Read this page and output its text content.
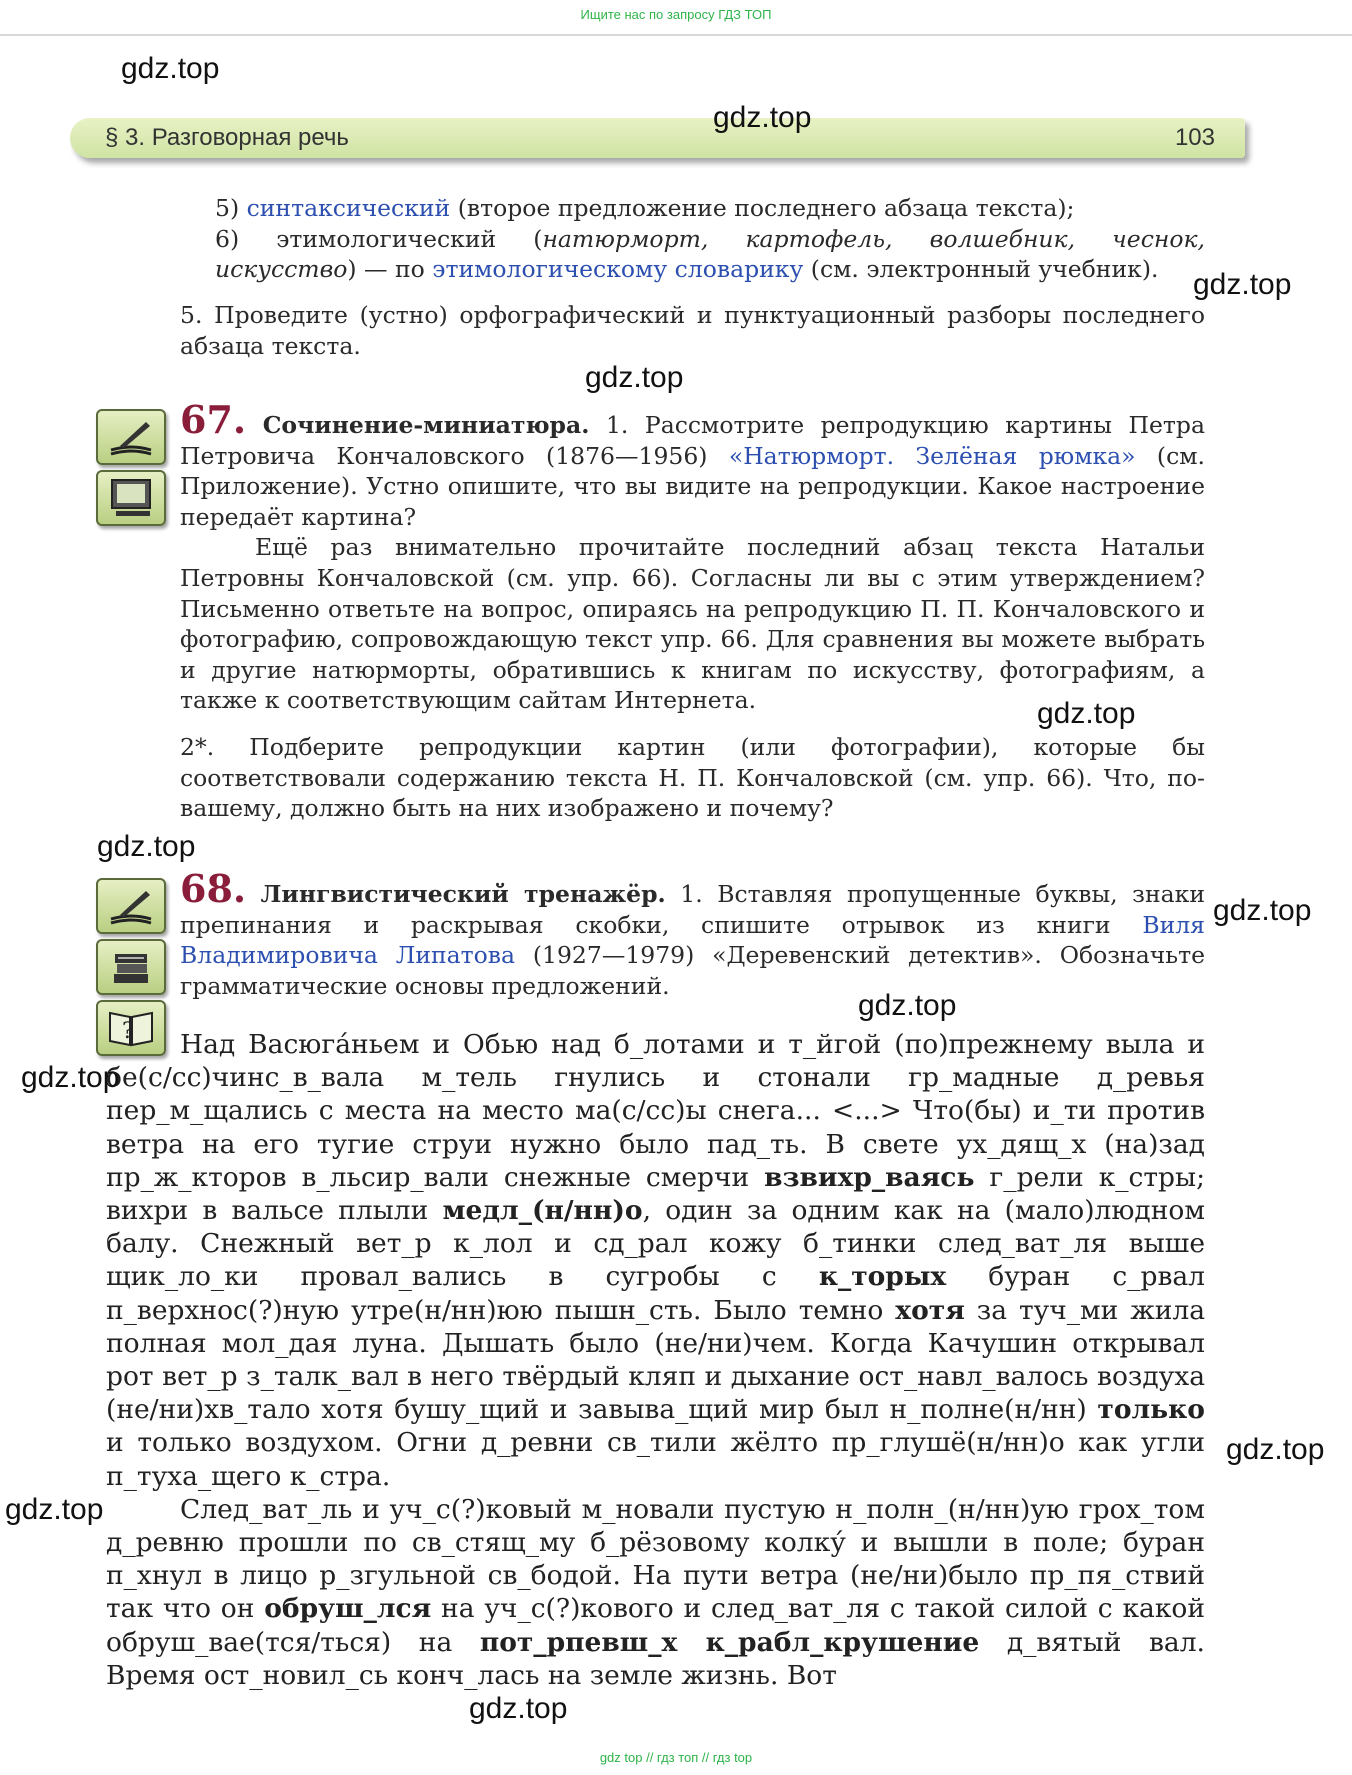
Ищите нас по запросу ГДЗ ТОП
gdz.top
gdz.top
gdz.top
gdz.top
gdz.top
gdz.top
gdz.top
gdz.top
gdz.top
gdz.top
gdz.top
gdz.top
§ 3. Разговорная речь	103
5) синтаксический (второе предложение последнего абзаца текста);
6) этимологический (натюрморт, картофель, волшебник, чеснок, искусство) — по этимологическому словарику (см. электронный учебник).
5. Проведите (устно) орфографический и пунктуационный разборы последнего абзаца текста.
67. Сочинение-миниатюра. 1. Рассмотрите репродукцию картины Петра Петровича Кончаловского (1876—1956) «Натюрморт. Зелёная рюмка» (см. Приложение). Устно опишите, что вы видите на репродукции. Какое настроение передаёт картина?
Ещё раз внимательно прочитайте последний абзац текста Натальи Петровны Кончаловской (см. упр. 66). Согласны ли вы с этим утверждением? Письменно ответьте на вопрос, опираясь на репродукцию П. П. Кончаловского и фотографию, сопровождающую текст упр. 66. Для сравнения вы можете выбрать и другие натюрморты, обратившись к книгам по искусству, фотографиям, а также к соответствующим сайтам Интернета.
2*. Подберите репродукции картин (или фотографии), которые бы соответствовали содержанию текста Н. П. Кончаловской (см. упр. 66). Что, по-вашему, должно быть на них изображено и почему?
?
68. Лингвистический тренажёр. 1. Вставляя пропущенные буквы, знаки препинания и раскрывая скобки, спишите отрывок из книги Виля Владимировича Липатова (1927—1979) «Деревенский детектив». Обозначьте грамматические основы предложений.
Над Васюга́ньем и Обью над б_лотами и т_йгой (по)прежнему выла и бе(с/сс)чинс_в_вала м_тель гнулись и стонали гр_мадные д_ревья пер_м_щались с места на место ма(с/сс)ы снега... <...> Что(бы) и_ти против ветра на его тугие струи нужно было пад_ть. В свете ух_дящ_х (на)зад пр_ж_кторов в_льсир_вали снежные смерчи взвихр_ваясь г_рели к_стры; вихри в вальсе плыли медл_(н/нн)о, один за одним как на (мало)людном балу. Снежный вет_р к_лол и сд_рал кожу б_тинки след_ват_ля выше щик_ло_ки провал_вались в сугробы с к_торых буран с_рвал п_верхнос(?)ную утре(н/нн)юю пышн_сть. Было темно хотя за туч_ми жила полная мол_дая луна. Дышать было (не/ни)чем. Когда Качушин открывал рот вет_р з_талк_вал в него твёрдый кляп и дыхание ост_навл_валось воздуха (не/ни)хв_тало хотя бушу_щий и завыва_щий мир был н_полне(н/нн) только и только воздухом. Огни д_ревни св_тили жёлто пр_глушё(н/нн)о как угли п_туха_щего к_стра.
След_ват_ль и уч_с(?)ковый м_новали пустую н_полн_(н/нн)ую грох_том д_ревню прошли по св_стящ_му б_рёзовому колку́ и вышли в поле; буран п_хнул в лицо р_згульной св_бодой. На пути ветра (не/ни)было пр_пя_ствий так что он обруш_лся на уч_с(?)кового и след_ват_ля с такой силой с какой обруш_вае(тся/ться) на пот_рпевш_х к_рабл_крушение д_вятый вал. Время ост_новил_сь конч_лась на земле жизнь. Вот
gdz top // гдз топ // гдз top
